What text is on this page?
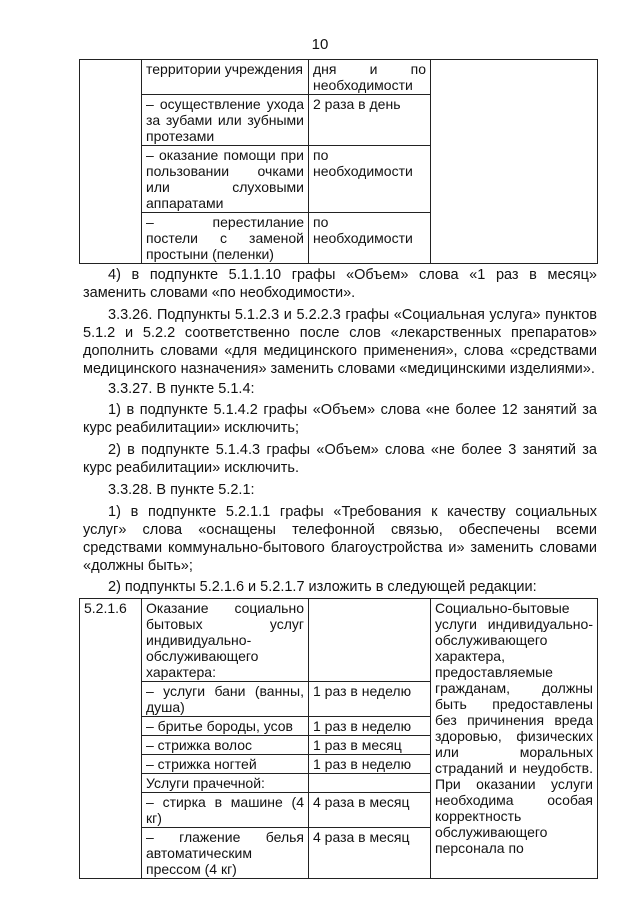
10
	территории учреждения	дня и по необходимости	
	– осуществление ухода за зубами или зубными протезами	2 раза в день	
	– оказание помощи при пользовании очками или слуховыми аппаратами	по необходимости	
	– перестилание постели с заменой простыни (пеленки)	по необходимости	

4) в подпункте 5.1.1.10 графы «Объем» слова «1 раз в месяц» заменить словами «по необходимости».

3.3.26. Подпункты 5.1.2.3 и 5.2.2.3 графы «Социальная услуга» пунктов 5.1.2 и 5.2.2 соответственно после слов «лекарственных препаратов» дополнить словами «для медицинского применения», слова «средствами медицинского назначения» заменить словами «медицинскими изделиями».

3.3.27. В пункте 5.1.4:

1) в подпункте 5.1.4.2 графы «Объем» слова «не более 12 занятий за курс реабилитации» исключить;

2) в подпункте 5.1.4.3 графы «Объем» слова «не более 3 занятий за курс реабилитации» исключить.

3.3.28. В пункте 5.2.1:

1) в подпункте 5.2.1.1 графы «Требования к качеству социальных услуг» слова «оснащены телефонной связью, обеспечены всеми средствами коммунально-бытового благоустройства и» заменить словами «должны быть»;

2) подпункты 5.2.1.6 и 5.2.1.7 изложить в следующей редакции:

5.2.1.6	Оказание социально бытовых услуг индивидуально-обслуживающего характера:		Социально-бытовые услуги индивидуально-обслуживающего характера, предоставляемые гражданам, должны быть предоставлены без причинения вреда здоровью, физических или моральных страданий и неудобств. При оказании услуги необходима особая корректность обслуживающего персонала по
	– услуги бани (ванны, душа)	1 раз в неделю	
	– бритье бороды, усов	1 раз в неделю	
	– стрижка волос	1 раз в месяц	
	– стрижка ногтей	1 раз в неделю	
	Услуги прачечной:		
	– стирка в машине (4 кг)	4 раза в месяц	
	– глажение белья автоматическим прессом (4 кг)	4 раза в месяц	
